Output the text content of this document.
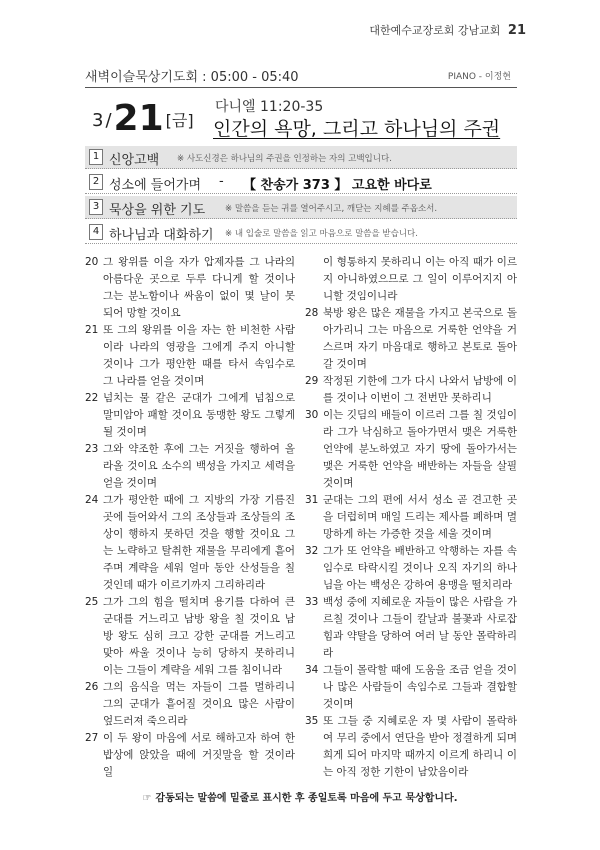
대한예수교장로회 강남교회 21
새벽이슬묵상기도회 : 05:00 - 05:40	PIANO - 이정현
3 /21 [금]
다니엘 11:20-35
인간의 욕망, 그리고 하나님의 주권
1 신앙고백 ※ 사도신경은 하나님의 주권을 인정하는 자의 고백입니다.
2 성소에 들어가며 - 【 찬송가 373 】 고요한 바다로
3 묵상을 위한 기도 ※ 말씀을 듣는 귀를 열어주시고, 깨닫는 지혜를 주옵소서.
4 하나님과 대화하기 ※ 내 입술로 말씀을 읽고 마음으로 말씀을 받습니다.
20 그 왕위를 이을 자가 압제자를 그 나라의 아름다운 곳으로 두루 다니게 할 것이나 그는 분노함이나 싸움이 없이 몇 날이 못 되어 망할 것이요
21 또 그의 왕위를 이을 자는 한 비천한 사람이라 나라의 영광을 그에게 주지 아니할 것이나 그가 평안한 때를 타서 속임수로 그 나라를 얻을 것이며
22 넘치는 물 같은 군대가 그에게 넘침으로 말미암아 패할 것이요 동맹한 왕도 그렇게 될 것이며
23 그와 약조한 후에 그는 거짓을 행하여 올라올 것이요 소수의 백성을 가지고 세력을 얻을 것이며
24 그가 평안한 때에 그 지방의 가장 기름진 곳에 들어와서 그의 조상들과 조상들의 조상이 행하지 못하던 것을 행할 것이요 그는 노략하고 탈취한 재물을 무리에게 흩어 주며 계략을 세워 얼마 동안 산성들을 칠 것인데 때가 이르기까지 그리하리라
25 그가 그의 힘을 떨치며 용기를 다하여 큰 군대를 거느리고 남방 왕을 칠 것이요 남방 왕도 심히 크고 강한 군대를 거느리고 맞아 싸울 것이나 능히 당하지 못하리니 이는 그들이 계략을 세워 그를 침이니라
26 그의 음식을 먹는 자들이 그를 멸하리니 그의 군대가 흩어질 것이요 많은 사람이 엎드러져 죽으리라
27 이 두 왕이 마음에 서로 해하고자 하여 한 밥상에 앉았을 때에 거짓말을 할 것이라 일
이 형통하지 못하리니 이는 아직 때가 이르지 아니하였으므로 그 일이 이루어지지 아니할 것임이니라
28 북방 왕은 많은 재물을 가지고 본국으로 돌아가리니 그는 마음으로 거룩한 언약을 거스르며 자기 마음대로 행하고 본토로 돌아갈 것이며
29 작정된 기한에 그가 다시 나와서 남방에 이를 것이나 이번이 그 전번만 못하리니
30 이는 깃딤의 배들이 이르러 그를 칠 것임이라 그가 낙심하고 돌아가면서 맺은 거룩한 언약에 분노하였고 자기 땅에 돌아가서는 맺은 거룩한 언약을 배반하는 자들을 살필 것이며
31 군대는 그의 편에 서서 성소 곧 견고한 곳을 더럽히며 매일 드리는 제사를 폐하며 멸망하게 하는 가증한 것을 세울 것이며
32 그가 또 언약을 배반하고 악행하는 자를 속임수로 타락시킬 것이나 오직 자기의 하나님을 아는 백성은 강하여 용맹을 떨치리라
33 백성 중에 지혜로운 자들이 많은 사람을 가르칠 것이나 그들이 칼날과 불꽃과 사로잡힘과 약탈을 당하여 여러 날 동안 몰락하리라
34 그들이 몰락할 때에 도움을 조금 얻을 것이나 많은 사람들이 속임수로 그들과 결합할 것이며
35 또 그들 중 지혜로운 자 몇 사람이 몰락하여 무리 중에서 연단을 받아 정결하게 되며 희게 되어 마지막 때까지 이르게 하리니 이는 아직 정한 기한이 남았음이라
☞ 감동되는 말씀에 밑줄로 표시한 후 종일토록 마음에 두고 묵상합니다.
